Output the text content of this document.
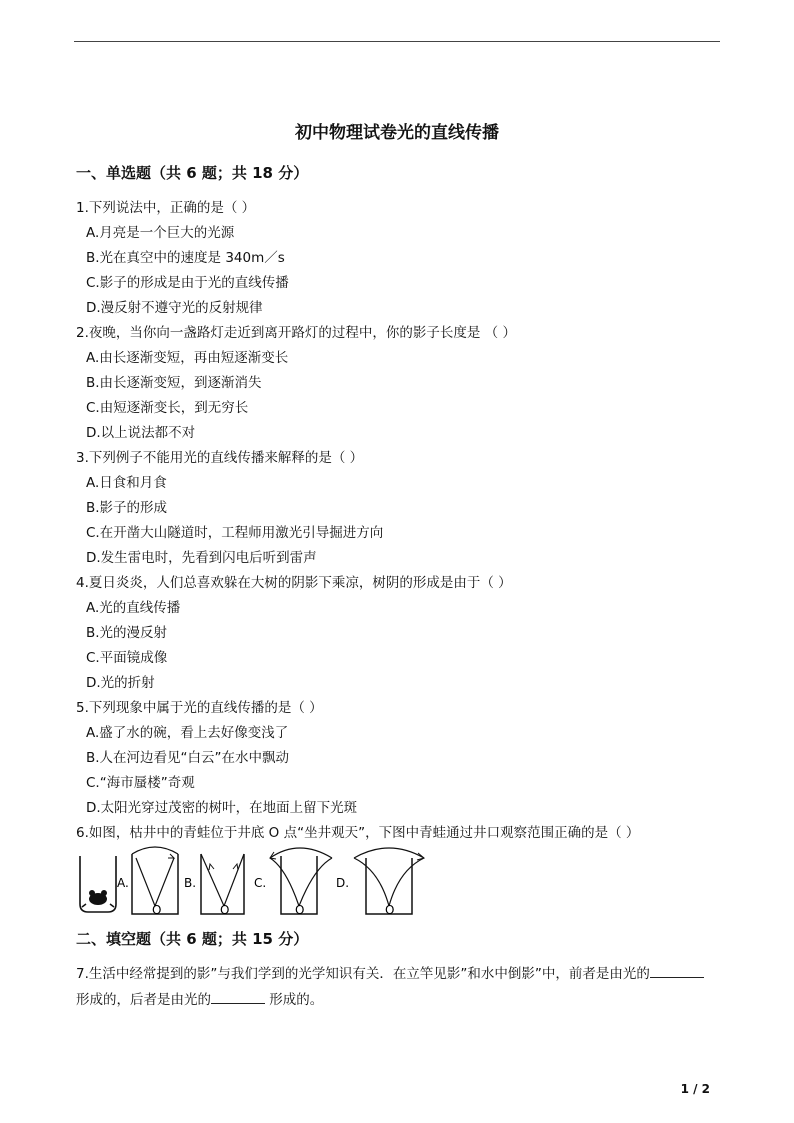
初中物理试卷光的直线传播
一、单选题（共 6 题；共 18 分）
1.下列说法中，正确的是（ ）
A.月亮是一个巨大的光源
B.光在真空中的速度是 340m／s
C.影子的形成是由于光的直线传播
D.漫反射不遵守光的反射规律
2.夜晚，当你向一盏路灯走近到离开路灯的过程中，你的影子长度是 （ ）
A.由长逐渐变短，再由短逐渐变长
B.由长逐渐变短，到逐渐消失
C.由短逐渐变长，到无穷长
D.以上说法都不对
3.下列例子不能用光的直线传播来解释的是（ ）
A.日食和月食
B.影子的形成
C.在开凿大山隧道时，工程师用激光引导掘进方向
D.发生雷电时，先看到闪电后听到雷声
4.夏日炎炎，人们总喜欢躲在大树的阴影下乘凉，树阴的形成是由于（ ）
A.光的直线传播
B.光的漫反射
C.平面镜成像
D.光的折射
5.下列现象中属于光的直线传播的是（ ）
A.盛了水的碗，看上去好像变浅了
B.人在河边看见“白云”在水中飘动
C.“海市蜃楼”奇观
D.太阳光穿过茂密的树叶，在地面上留下光斑
6.如图，枯井中的青蛙位于井底 O 点“坐井观天”，下图中青蛙通过井口观察范围正确的是（ ）
A.
O
B.
O
C.
O
D.
O
二、填空题（共 6 题；共 15 分）
7.生活中经常提到的影”与我们学到的光学知识有关．在立竿见影”和水中倒影”中，前者是由光的
形成的，后者是由光的	形成的。
1 / 2
